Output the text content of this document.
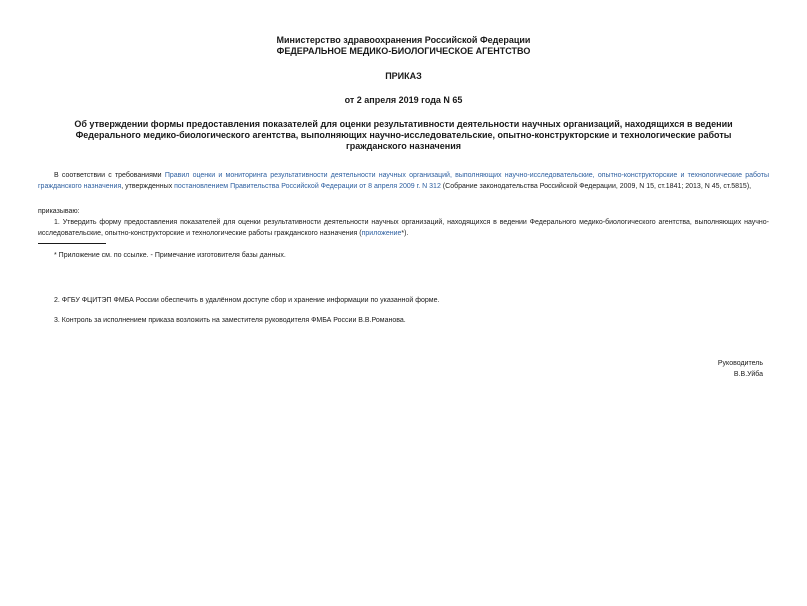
Министерство здравоохранения Российской Федерации
ФЕДЕРАЛЬНОЕ МЕДИКО-БИОЛОГИЧЕСКОЕ АГЕНТСТВО
ПРИКАЗ
от 2 апреля 2019 года N 65
Об утверждении формы предоставления показателей для оценки результативности деятельности научных организаций, находящихся в ведении Федерального медико-биологического агентства, выполняющих научно-исследовательские, опытно-конструкторские и технологические работы гражданского назначения
В соответствии с требованиями Правил оценки и мониторинга результативности деятельности научных организаций, выполняющих научно-исследовательские, опытно-конструкторские и технологические работы гражданского назначения, утвержденных постановлением Правительства Российской Федерации от 8 апреля 2009 г. N 312 (Собрание законодательства Российской Федерации, 2009, N 15, ст.1841; 2013, N 45, ст.5815),
приказываю:
1. Утвердить форму предоставления показателей для оценки результативности деятельности научных организаций, находящихся в ведении Федерального медико-биологического агентства, выполняющих научно-исследовательские, опытно-конструкторские и технологические работы гражданского назначения (приложение*).
* Приложение см. по ссылке. - Примечание изготовителя базы данных.
2. ФГБУ ФЦИТЭП ФМБА России обеспечить в удалённом доступе сбор и хранение информации по указанной форме.
3. Контроль за исполнением приказа возложить на заместителя руководителя ФМБА России В.В.Романова.
Руководитель
В.В.Уйба
